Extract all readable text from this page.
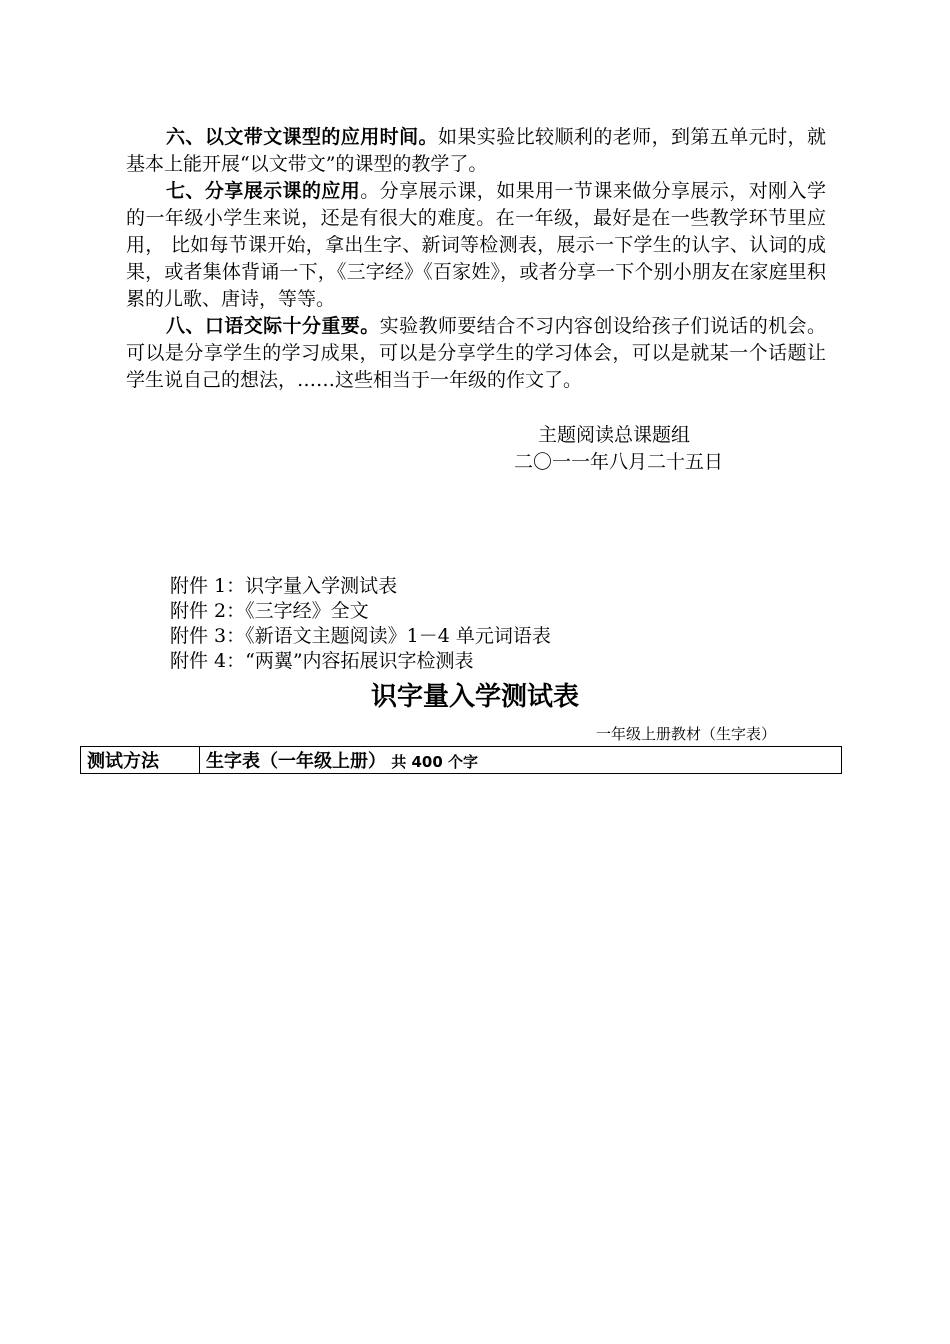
六、以文带文课型的应用时间。如果实验比较顺利的老师，到第五单元时，就基本上能开展“以文带文”的课型的教学了。

七、分享展示课的应用。分享展示课，如果用一节课来做分享展示，对刚入学的一年级小学生来说，还是有很大的难度。在一年级，最好是在一些教学环节里应用， 比如每节课开始，拿出生字、新词等检测表，展示一下学生的认字、认词的成果，或者集体背诵一下，《三字经》《百家姓》，或者分享一下个别小朋友在家庭里积累的儿歌、唐诗，等等。

八、口语交际十分重要。实验教师要结合不习内容创设给孩子们说话的机会。可以是分享学生的学习成果，可以是分享学生的学习体会，可以是就某一个话题让学生说自己的想法，……这些相当于一年级的作文了。

主题阅读总课题组
二〇一一年八月二十五日
附件 1：识字量入学测试表
附件 2：《三字经》全文
附件 3：《新语文主题阅读》1－4 单元词语表
附件 4：“两翼”内容拓展识字检测表
识字量入学测试表
一年级上册教材（生字表）
测试方法	生字表（一年级上册） 共 400 个字
